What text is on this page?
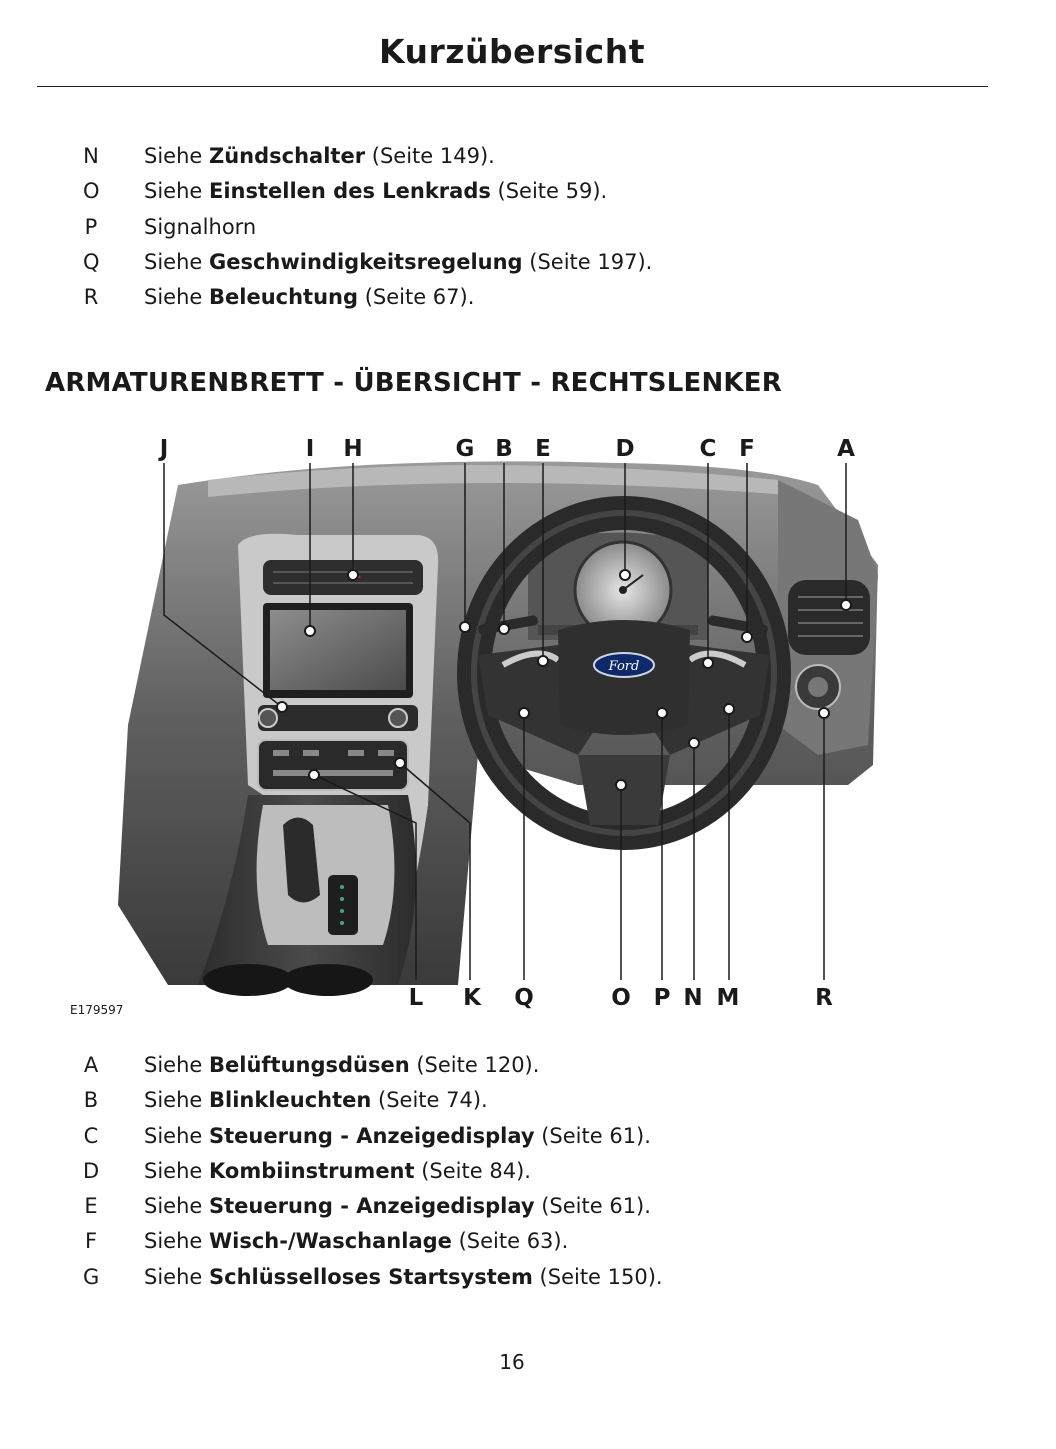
Kurzübersicht
N Siehe Zündschalter (Seite 149).
O Siehe Einstellen des Lenkrads (Seite 59).
P Signalhorn
Q Siehe Geschwindigkeitsregelung (Seite 197).
R Siehe Beleuchtung (Seite 67).
ARMATURENBRETT - ÜBERSICHT - RECHTSLENKER
Ford
J	I H	G B E	D	C F	A
L K Q	O P N M	R
E179597
A Siehe Belüftungsdüsen (Seite 120).
B Siehe Blinkleuchten (Seite 74).
C Siehe Steuerung - Anzeigedisplay (Seite 61).
D Siehe Kombiinstrument (Seite 84).
E Siehe Steuerung - Anzeigedisplay (Seite 61).
F Siehe Wisch-/Waschanlage (Seite 63).
G Siehe Schlüsselloses Startsystem (Seite 150).
16
